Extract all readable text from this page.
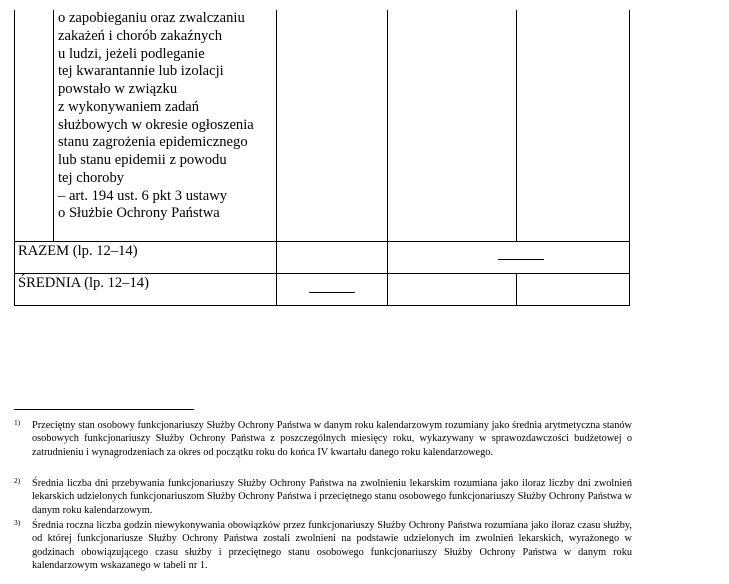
o zapobieganiu oraz zwalczaniu
zakażeń i chorób zakaźnych
u ludzi, jeżeli podleganie
tej kwarantannie lub izolacji
powstało w związku
z wykonywaniem zadań
służbowych w okresie ogłoszenia
stanu zagrożenia epidemicznego
lub stanu epidemii z powodu
tej choroby
– art. 194 ust. 6 pkt 3 ustawy
o Służbie Ochrony Państwa
RAZEM (lp. 12–14)
ŚREDNIA (lp. 12–14)
1) Przeciętny stan osobowy funkcjonariuszy Służby Ochrony Państwa w danym roku kalendarzowym rozumiany jako średnia arytmetyczna stanów osobowych funkcjonariuszy Służby Ochrony Państwa z poszczególnych miesięcy roku, wykazywany w sprawozdawczości budżetowej o zatrudnieniu i wynagrodzeniach za okres od początku roku do końca IV kwartału danego roku kalendarzowego.
2) Średnia liczba dni przebywania funkcjonariuszy Służby Ochrony Państwa na zwolnieniu lekarskim rozumiana jako iloraz liczby dni zwolnień lekarskich udzielonych funkcjonariuszom Służby Ochrony Państwa i przeciętnego stanu osobowego funkcjonariuszy Służby Ochrony Państwa w danym roku kalendarzowym.
3) Średnia roczna liczba godzin niewykonywania obowiązków przez funkcjonariuszy Służby Ochrony Państwa rozumiana jako iloraz czasu służby, od której funkcjonariusze Służby Ochrony Państwa zostali zwolnieni na podstawie udzielonych im zwolnień lekarskich, wyrażonego w godzinach obowiązującego czasu służby i przeciętnego stanu osobowego funkcjonariuszy Służby Ochrony Państwa w danym roku kalendarzowym wskazanego w tabeli nr 1.
